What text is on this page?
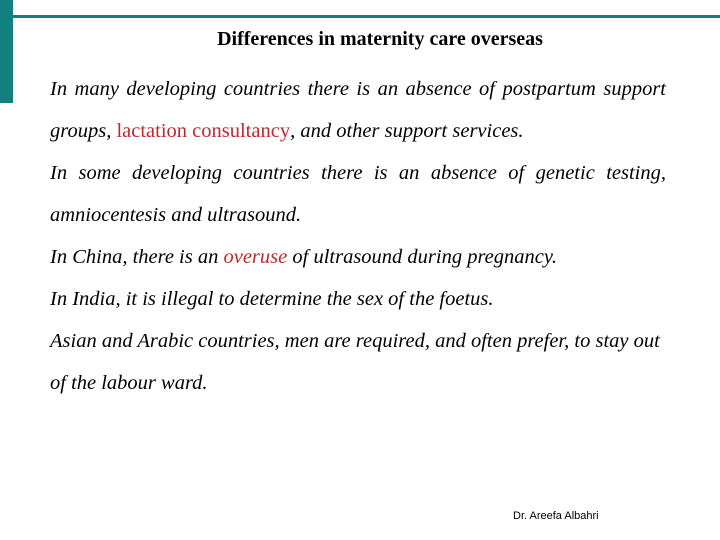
Differences in maternity care overseas

In many developing countries there is an absence of postpartum support groups, lactation consultancy, and other support services.

In some developing countries there is an absence of genetic testing, amniocentesis and ultrasound.

In China, there is an overuse of ultrasound during pregnancy.

In India, it is illegal to determine the sex of the foetus.

Asian and Arabic countries, men are required, and often prefer, to stay out of the labour ward.

Dr. Areefa Albahri
